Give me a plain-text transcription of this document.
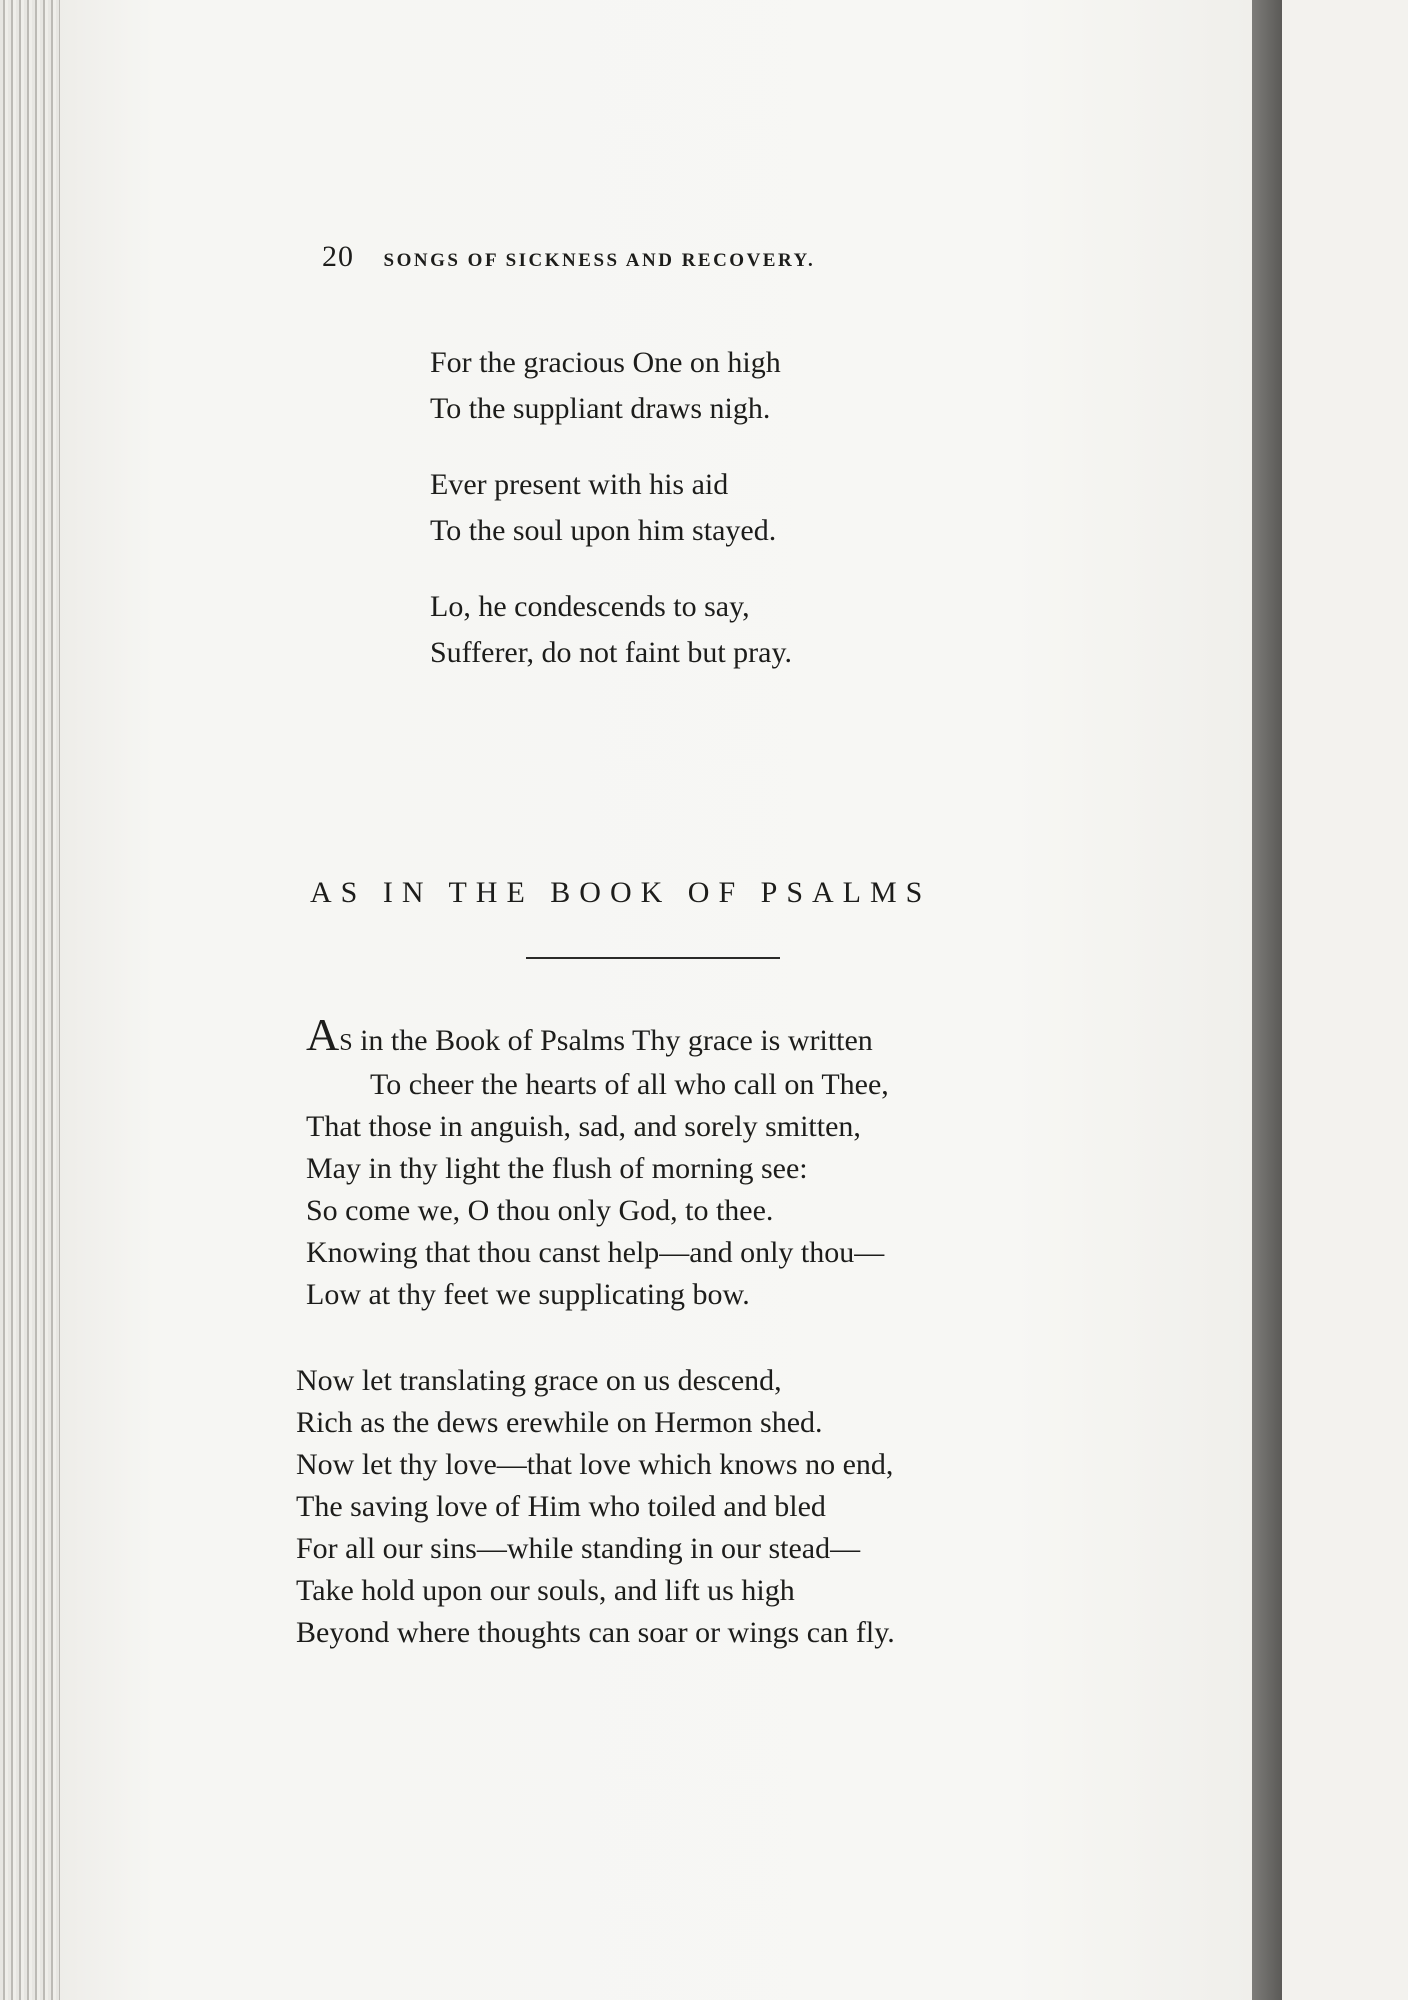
20 SONGS OF SICKNESS AND RECOVERY.
For the gracious One on high
To the suppliant draws nigh.
Ever present with his aid
To the soul upon him stayed.
Lo, he condescends to say,
Sufferer, do not faint but pray.
AS IN THE BOOK OF PSALMS
AS in the Book of Psalms Thy grace is written
To cheer the hearts of all who call on Thee,
That those in anguish, sad, and sorely smitten,
May in thy light the flush of morning see:
So come we, O thou only God, to thee.
Knowing that thou canst help—and only thou—
Low at thy feet we supplicating bow.
Now let translating grace on us descend,
Rich as the dews erewhile on Hermon shed.
Now let thy love—that love which knows no end,
The saving love of Him who toiled and bled
For all our sins—while standing in our stead—
Take hold upon our souls, and lift us high
Beyond where thoughts can soar or wings can fly.
